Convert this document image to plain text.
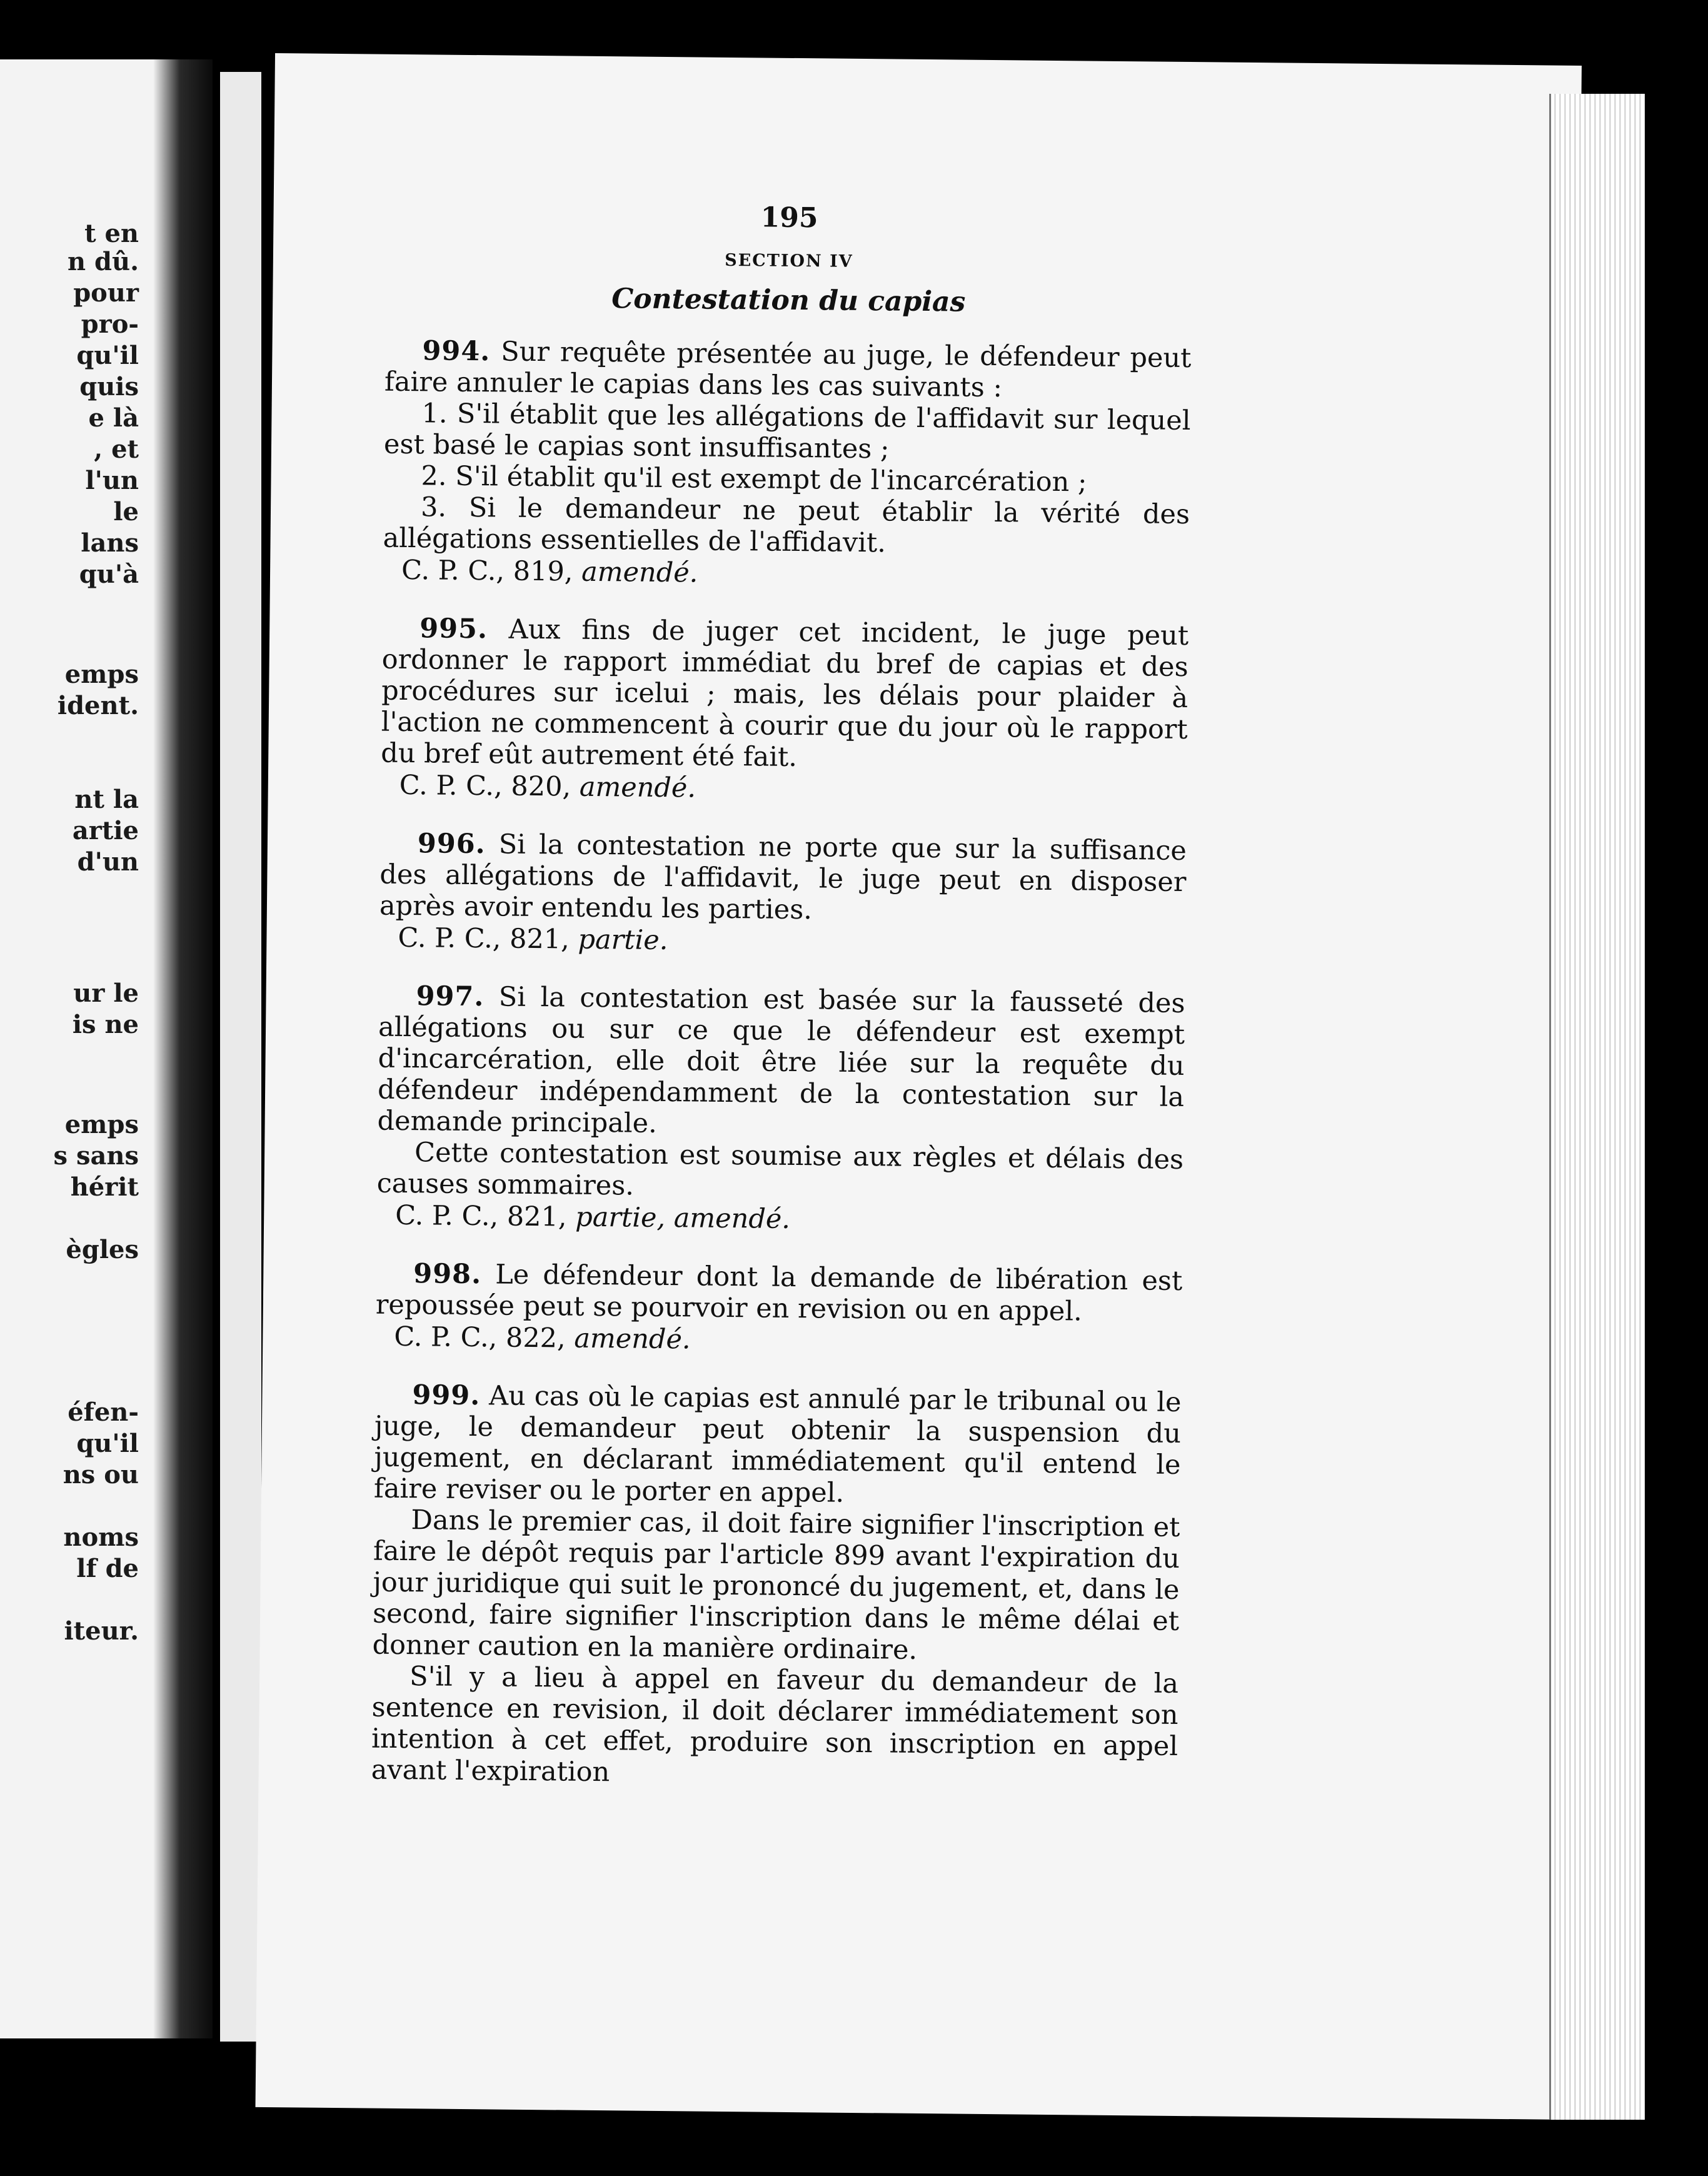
t en
n dû.
pour
pro-
qu'il
quis
e là
, et
l'un
le
lans
qu'à
emps
ident.
nt la
artie
d'un
ur le
is ne
emps
s sans
hérit
ègles
éfen-
qu'il
ns ou
noms
lf de
iteur.
195
SECTION IV
Contestation du capias

994. Sur requête présentée au juge, le défendeur peut faire annuler le capias dans les cas suivants :

1. S'il établit que les allégations de l'affidavit sur lequel est basé le capias sont insuffisantes ;

2. S'il établit qu'il est exempt de l'incarcération ;

3. Si le demandeur ne peut établir la vérité des allégations essentielles de l'affidavit.

C. P. C., 819, amendé.

995. Aux fins de juger cet incident, le juge peut ordonner le rapport immédiat du bref de capias et des procédures sur icelui ; mais, les délais pour plaider à l'action ne commencent à courir que du jour où le rapport du bref eût autrement été fait.

C. P. C., 820, amendé.

996. Si la contestation ne porte que sur la suffisance des allégations de l'affidavit, le juge peut en disposer après avoir entendu les parties.

C. P. C., 821, partie.

997. Si la contestation est basée sur la fausseté des allégations ou sur ce que le défendeur est exempt d'incarcération, elle doit être liée sur la requête du défendeur indépendamment de la contestation sur la demande principale.

Cette contestation est soumise aux règles et délais des causes sommaires.

C. P. C., 821, partie, amendé.

998. Le défendeur dont la demande de libération est repoussée peut se pourvoir en revision ou en appel.

C. P. C., 822, amendé.

999. Au cas où le capias est annulé par le tribunal ou le juge, le demandeur peut obtenir la suspension du jugement, en déclarant immédiatement qu'il entend le faire reviser ou le porter en appel.

Dans le premier cas, il doit faire signifier l'inscription et faire le dépôt requis par l'article 899 avant l'expiration du jour juridique qui suit le prononcé du jugement, et, dans le second, faire signifier l'inscription dans le même délai et donner caution en la manière ordinaire.

S'il y a lieu à appel en faveur du demandeur de la sentence en revision, il doit déclarer immédiatement son intention à cet effet, produire son inscription en appel avant l'expiration
